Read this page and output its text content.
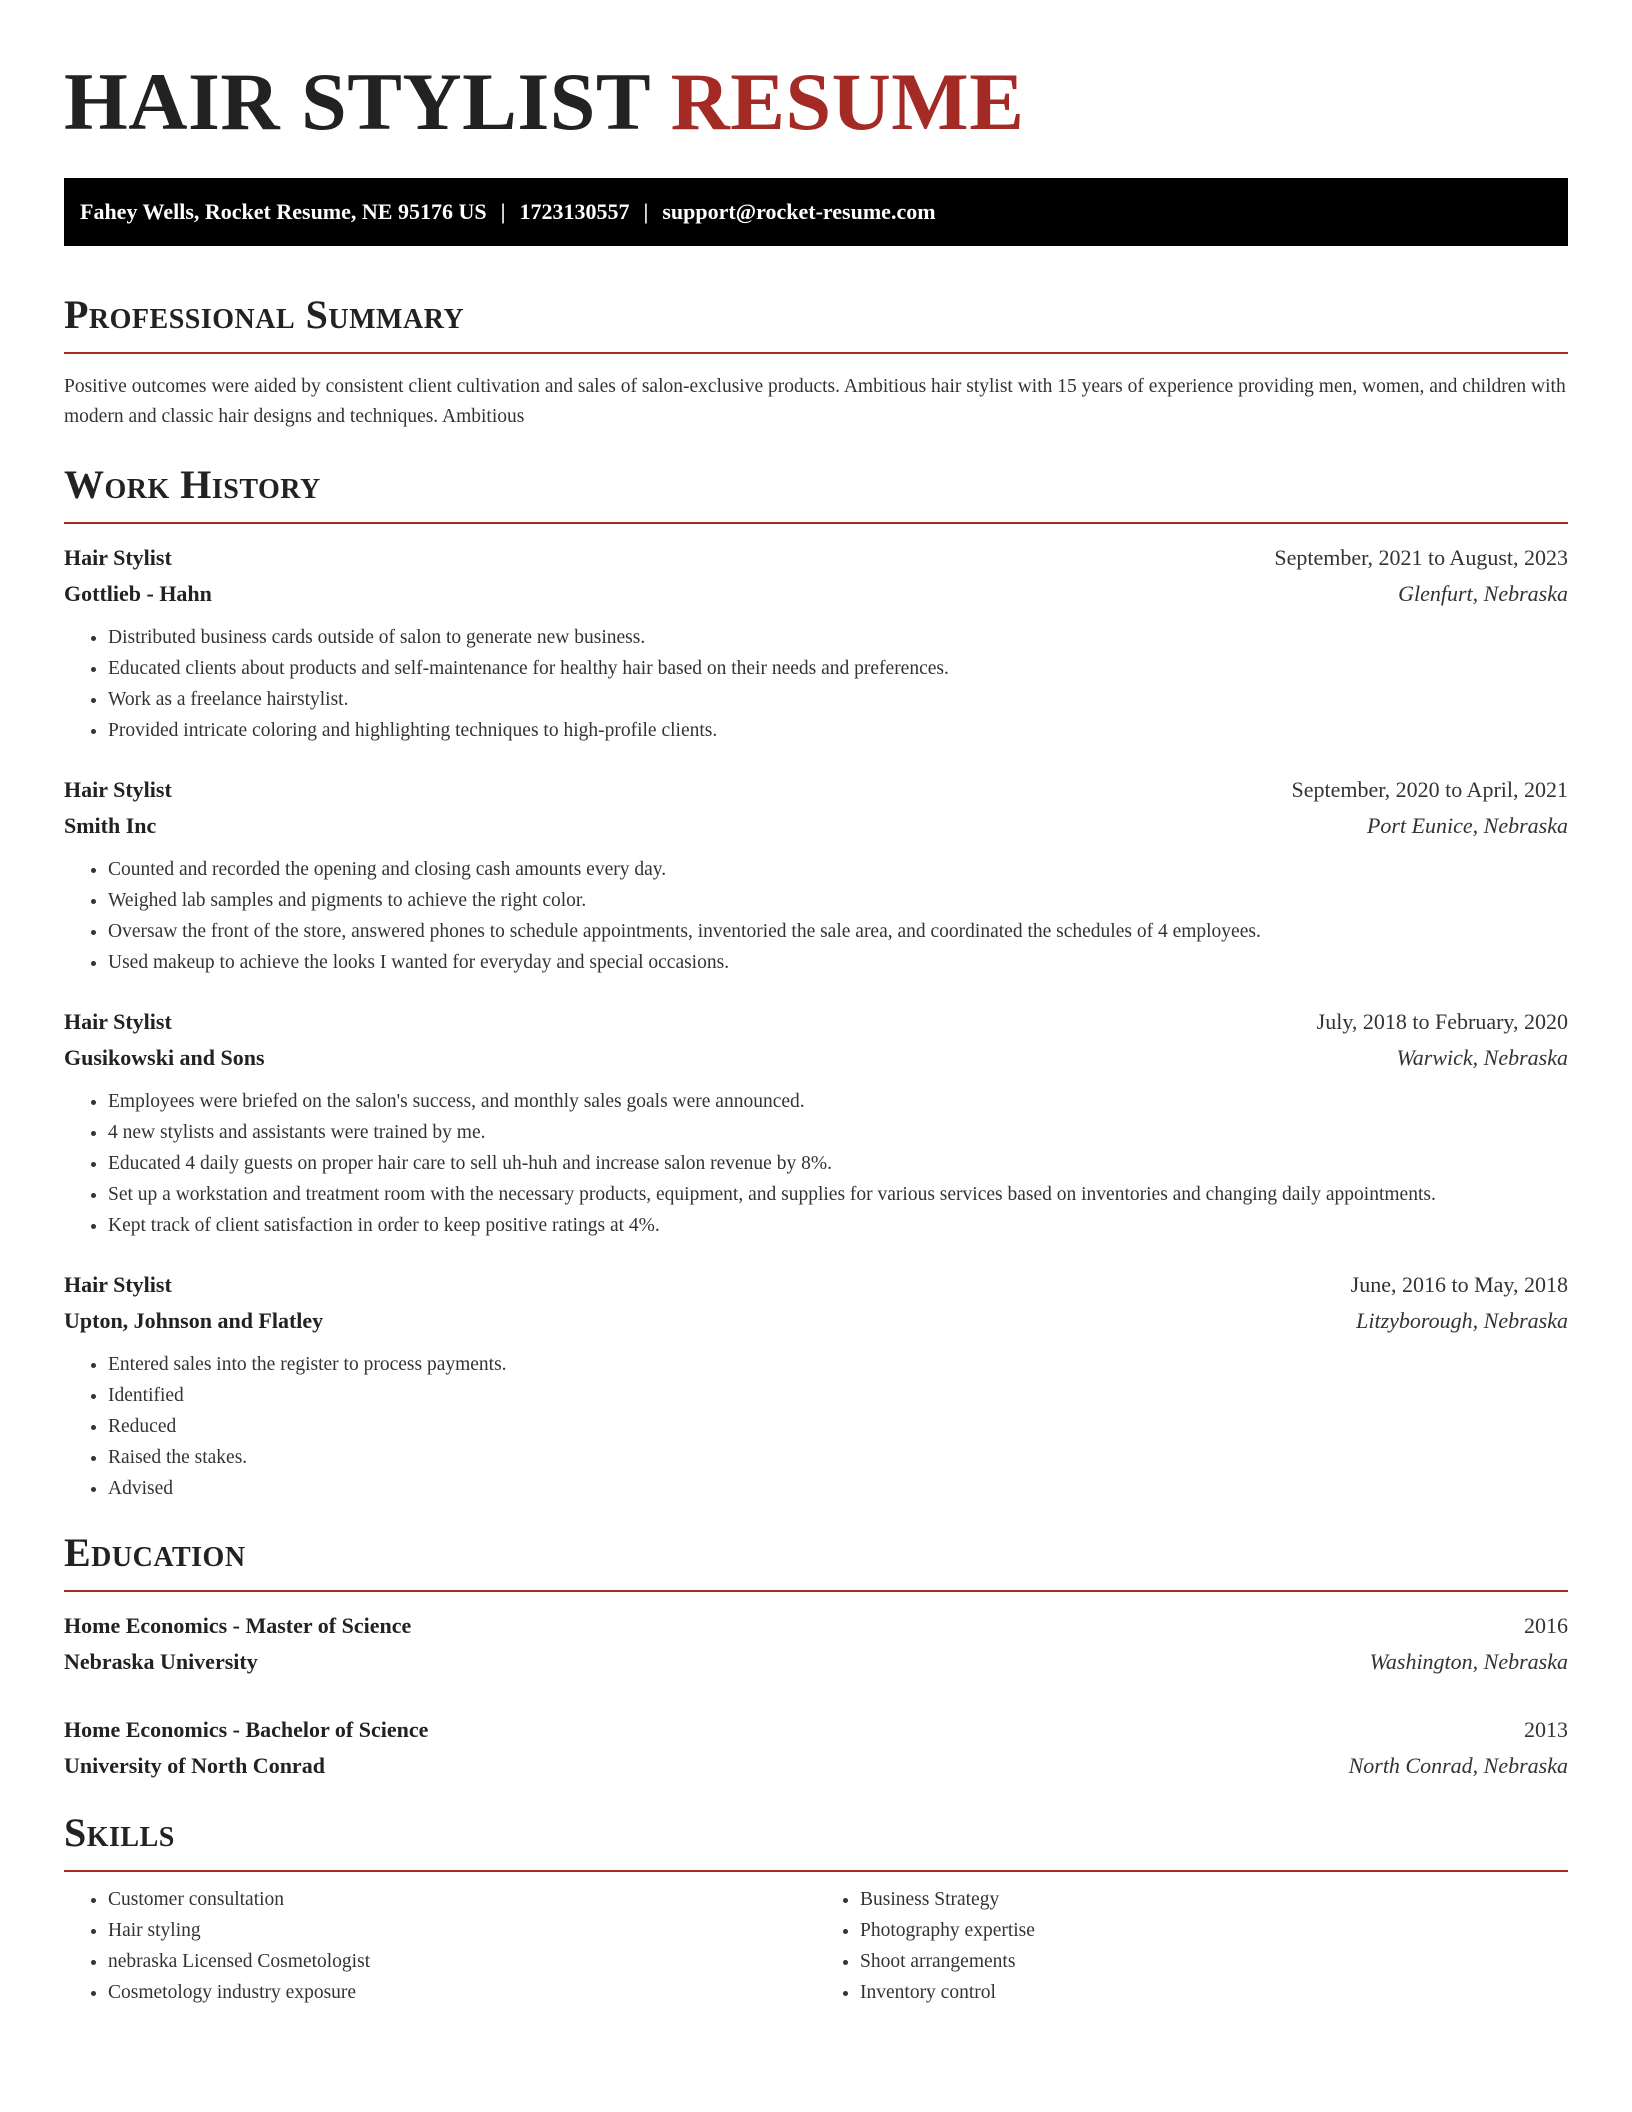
HAIR STYLIST RESUME
Fahey Wells, Rocket Resume, NE 95176 US | 1723130557 | support@rocket-resume.com
Professional Summary
Positive outcomes were aided by consistent client cultivation and sales of salon-exclusive products. Ambitious hair stylist with 15 years of experience providing men, women, and children with modern and classic hair designs and techniques. Ambitious
Work History
Hair Stylist	September, 2021 to August, 2023
Gottlieb - Hahn	Glenfurt, Nebraska
• Distributed business cards outside of salon to generate new business.
• Educated clients about products and self-maintenance for healthy hair based on their needs and preferences.
• Work as a freelance hairstylist.
• Provided intricate coloring and highlighting techniques to high-profile clients.
Hair Stylist	September, 2020 to April, 2021
Smith Inc	Port Eunice, Nebraska
• Counted and recorded the opening and closing cash amounts every day.
• Weighed lab samples and pigments to achieve the right color.
• Oversaw the front of the store, answered phones to schedule appointments, inventoried the sale area, and coordinated the schedules of 4 employees.
• Used makeup to achieve the looks I wanted for everyday and special occasions.
Hair Stylist	July, 2018 to February, 2020
Gusikowski and Sons	Warwick, Nebraska
• Employees were briefed on the salon's success, and monthly sales goals were announced.
• 4 new stylists and assistants were trained by me.
• Educated 4 daily guests on proper hair care to sell uh-huh and increase salon revenue by 8%.
• Set up a workstation and treatment room with the necessary products, equipment, and supplies for various services based on inventories and changing daily appointments.
• Kept track of client satisfaction in order to keep positive ratings at 4%.
Hair Stylist	June, 2016 to May, 2018
Upton, Johnson and Flatley	Litzyborough, Nebraska
• Entered sales into the register to process payments.
• Identified
• Reduced
• Raised the stakes.
• Advised
Education
Home Economics - Master of Science	2016
Nebraska University	Washington, Nebraska
Home Economics - Bachelor of Science	2013
University of North Conrad	North Conrad, Nebraska
Skills
• Customer consultation
• Hair styling
• nebraska Licensed Cosmetologist
• Cosmetology industry exposure
• Business Strategy
• Photography expertise
• Shoot arrangements
• Inventory control
